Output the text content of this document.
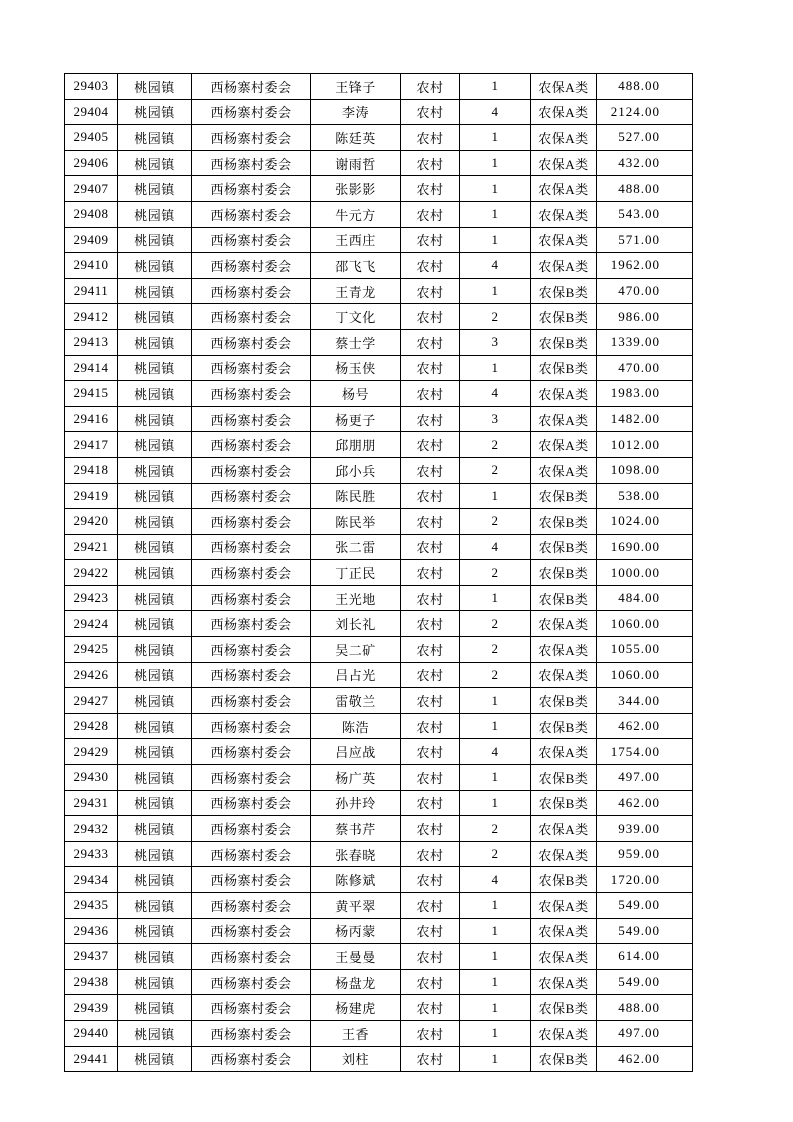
29403	桃园镇	西杨寨村委会	王锋子	农村	1	农保A类	488.00
29404	桃园镇	西杨寨村委会	李涛	农村	4	农保A类	2124.00
29405	桃园镇	西杨寨村委会	陈廷英	农村	1	农保A类	527.00
29406	桃园镇	西杨寨村委会	谢雨哲	农村	1	农保A类	432.00
29407	桃园镇	西杨寨村委会	张影影	农村	1	农保A类	488.00
29408	桃园镇	西杨寨村委会	牛元方	农村	1	农保A类	543.00
29409	桃园镇	西杨寨村委会	王西庄	农村	1	农保A类	571.00
29410	桃园镇	西杨寨村委会	邵飞飞	农村	4	农保A类	1962.00
29411	桃园镇	西杨寨村委会	王青龙	农村	1	农保B类	470.00
29412	桃园镇	西杨寨村委会	丁文化	农村	2	农保B类	986.00
29413	桃园镇	西杨寨村委会	蔡士学	农村	3	农保B类	1339.00
29414	桃园镇	西杨寨村委会	杨玉侠	农村	1	农保B类	470.00
29415	桃园镇	西杨寨村委会	杨号	农村	4	农保A类	1983.00
29416	桃园镇	西杨寨村委会	杨更子	农村	3	农保A类	1482.00
29417	桃园镇	西杨寨村委会	邱朋朋	农村	2	农保A类	1012.00
29418	桃园镇	西杨寨村委会	邱小兵	农村	2	农保A类	1098.00
29419	桃园镇	西杨寨村委会	陈民胜	农村	1	农保B类	538.00
29420	桃园镇	西杨寨村委会	陈民举	农村	2	农保B类	1024.00
29421	桃园镇	西杨寨村委会	张二雷	农村	4	农保B类	1690.00
29422	桃园镇	西杨寨村委会	丁正民	农村	2	农保B类	1000.00
29423	桃园镇	西杨寨村委会	王光地	农村	1	农保B类	484.00
29424	桃园镇	西杨寨村委会	刘长礼	农村	2	农保A类	1060.00
29425	桃园镇	西杨寨村委会	吴二矿	农村	2	农保A类	1055.00
29426	桃园镇	西杨寨村委会	吕占光	农村	2	农保A类	1060.00
29427	桃园镇	西杨寨村委会	雷敬兰	农村	1	农保B类	344.00
29428	桃园镇	西杨寨村委会	陈浩	农村	1	农保B类	462.00
29429	桃园镇	西杨寨村委会	吕应战	农村	4	农保A类	1754.00
29430	桃园镇	西杨寨村委会	杨广英	农村	1	农保B类	497.00
29431	桃园镇	西杨寨村委会	孙井玲	农村	1	农保B类	462.00
29432	桃园镇	西杨寨村委会	蔡书芹	农村	2	农保A类	939.00
29433	桃园镇	西杨寨村委会	张春晓	农村	2	农保A类	959.00
29434	桃园镇	西杨寨村委会	陈修斌	农村	4	农保B类	1720.00
29435	桃园镇	西杨寨村委会	黄平翠	农村	1	农保A类	549.00
29436	桃园镇	西杨寨村委会	杨丙蒙	农村	1	农保A类	549.00
29437	桃园镇	西杨寨村委会	王曼曼	农村	1	农保A类	614.00
29438	桃园镇	西杨寨村委会	杨盘龙	农村	1	农保A类	549.00
29439	桃园镇	西杨寨村委会	杨建虎	农村	1	农保B类	488.00
29440	桃园镇	西杨寨村委会	王香	农村	1	农保A类	497.00
29441	桃园镇	西杨寨村委会	刘柱	农村	1	农保B类	462.00
